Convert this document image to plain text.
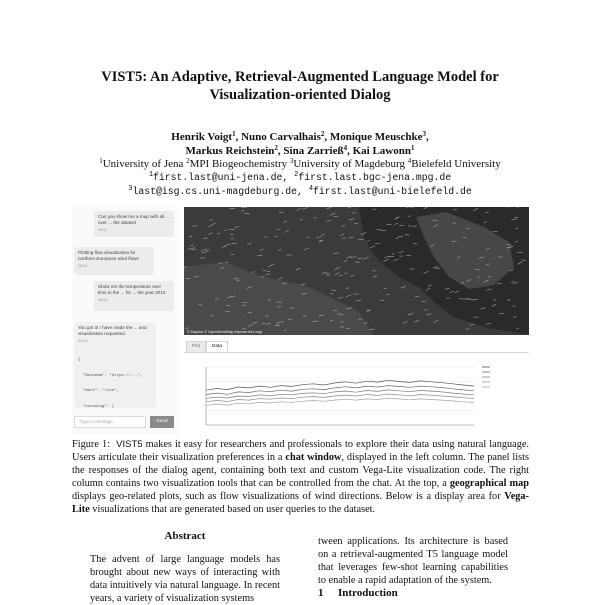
VIST5: An Adaptive, Retrieval-Augmented Language Model for
Visualization-oriented Dialog
Henrik Voigt$^1$, Nuno Carvalhais$^2$, Monique Meuschke$^3$,
Markus Reichstein$^2$, Sina Zarrieß$^4$, Kai Lawonn$^1$
$^1$University of Jena $^2$MPI Biogeochemistry $^3$University of Magdeburg $^4$Bielefeld University
$^1$first.last@uni-jena.de, $^2$first.last.bgc-jena.mpg.de
$^3$last@isg.cs.uni-magdeburg.de, $^4$first.last@uni-bielefeld.de
Can you show me a map with all ... over ... the dataset
08:02
Plotting flow visualization for northern European wind flows
08:02
Show me the temperature over time in the ... for ... the year 2010
08:03
You got it! I have made the ... and visualization requested.
08:03

{

"$schema": "https://...",

"mark": "line",

"encoding": {

Type a message	Send
© Mapbox © OpenStreetMap Improve this map
Plot	Data
Figure 1: VIST5 makes it easy for researchers and professionals to explore their data using natural language. Users articulate their visualization preferences in a chat window, displayed in the left column. The panel lists the responses of the dialog agent, containing both text and custom Vega-Lite visualization code. The right column contains two visualization tools that can be controlled from the chat. At the top, a geographical map displays geo-related plots, such as flow visualizations of wind directions. Below is a display area for Vega-Lite visualizations that are generated based on user queries to the dataset.
Abstract
The advent of large language models has brought about new ways of interacting with data intuitively via natural language. In recent years, a variety of visualization systems
tween applications. Its architecture is based on a retrieval-augmented T5 language model that leverages few-shot learning capabilities to enable a rapid adaptation of the system.
1 Introduction
